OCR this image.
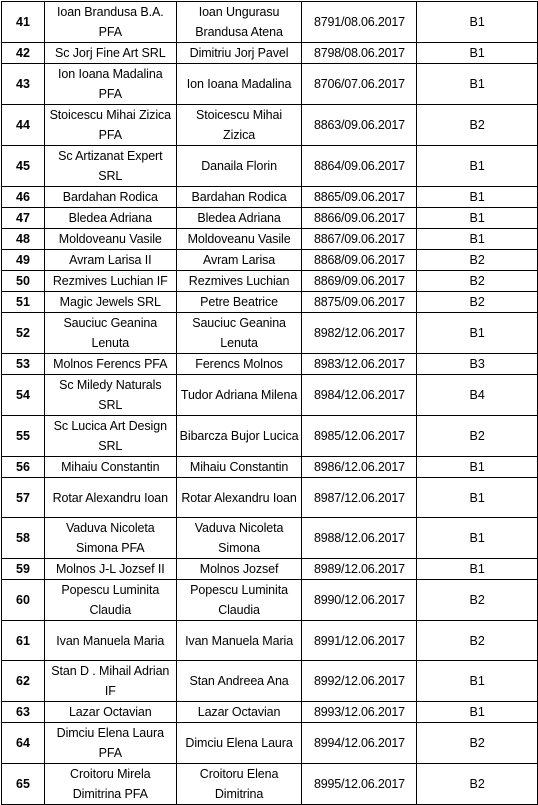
41	Ioan Brandusa B.A. PFA	Ioan Ungurasu Brandusa Atena	8791/08.06.2017	B1
42	Sc Jorj Fine Art SRL	Dimitriu Jorj Pavel	8798/08.06.2017	B1
43	Ion Ioana Madalina PFA	Ion Ioana Madalina	8706/07.06.2017	B1
44	Stoicescu Mihai Zizica PFA	Stoicescu Mihai Zizica	8863/09.06.2017	B2
45	Sc Artizanat Expert SRL	Danaila Florin	8864/09.06.2017	B1
46	Bardahan Rodica	Bardahan Rodica	8865/09.06.2017	B1
47	Bledea Adriana	Bledea Adriana	8866/09.06.2017	B1
48	Moldoveanu Vasile	Moldoveanu Vasile	8867/09.06.2017	B1
49	Avram Larisa II	Avram Larisa	8868/09.06.2017	B2
50	Rezmives Luchian IF	Rezmives Luchian	8869/09.06.2017	B2
51	Magic Jewels SRL	Petre Beatrice	8875/09.06.2017	B2
52	Sauciuc Geanina Lenuta	Sauciuc Geanina Lenuta	8982/12.06.2017	B1
53	Molnos Ferencs PFA	Ferencs Molnos	8983/12.06.2017	B3
54	Sc Miledy Naturals SRL	Tudor Adriana Milena	8984/12.06.2017	B4
55	Sc Lucica Art Design SRL	Bibarcza Bujor Lucica	8985/12.06.2017	B2
56	Mihaiu Constantin	Mihaiu Constantin	8986/12.06.2017	B1
57	Rotar Alexandru Ioan	Rotar Alexandru Ioan	8987/12.06.2017	B1
58	Vaduva Nicoleta Simona PFA	Vaduva Nicoleta Simona	8988/12.06.2017	B1
59	Molnos J-L Jozsef II	Molnos Jozsef	8989/12.06.2017	B1
60	Popescu Luminita Claudia	Popescu Luminita Claudia	8990/12.06.2017	B2
61	Ivan Manuela Maria	Ivan Manuela Maria	8991/12.06.2017	B2
62	Stan D . Mihail Adrian IF	Stan Andreea Ana	8992/12.06.2017	B1
63	Lazar Octavian	Lazar Octavian	8993/12.06.2017	B1
64	Dimciu Elena Laura PFA	Dimciu Elena Laura	8994/12.06.2017	B2
65	Croitoru Mirela Dimitrina PFA	Croitoru Elena Dimitrina	8995/12.06.2017	B2
